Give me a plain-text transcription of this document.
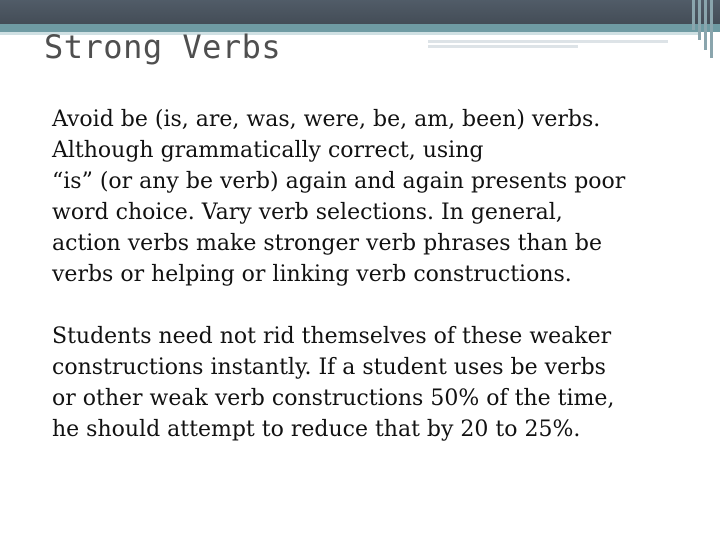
Strong Verbs

Avoid be (is, are, was, were, be, am, been) verbs.
Although grammatically correct, using
“is” (or any be verb) again and again presents poor
word choice. Vary verb selections. In general,
action verbs make stronger verb phrases than be
verbs or helping or linking verb constructions.

Students need not rid themselves of these weaker
constructions instantly. If a student uses be verbs
or other weak verb constructions 50% of the time,
he should attempt to reduce that by 20 to 25%.
